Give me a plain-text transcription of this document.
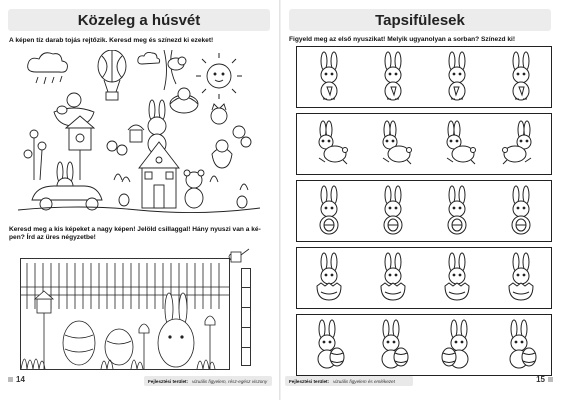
Közeleg a húsvét
A képen tíz darab tojás rejtőzik. Keresd meg és színezd ki ezeket!
Keresd meg a kis képeket a nagy képen! Jelöld csillaggal! Hány nyuszi van a ké-
pen? Írd az üres négyzetbe!
14	Fejlesztési terület: vizuális figyelem, rész-egész viszony
Tapsifülesek
Figyeld meg az első nyuszikat! Melyik ugyanolyan a sorban? Színezd ki!
Fejlesztési terület: vizuális figyelem és emlékezet	15
